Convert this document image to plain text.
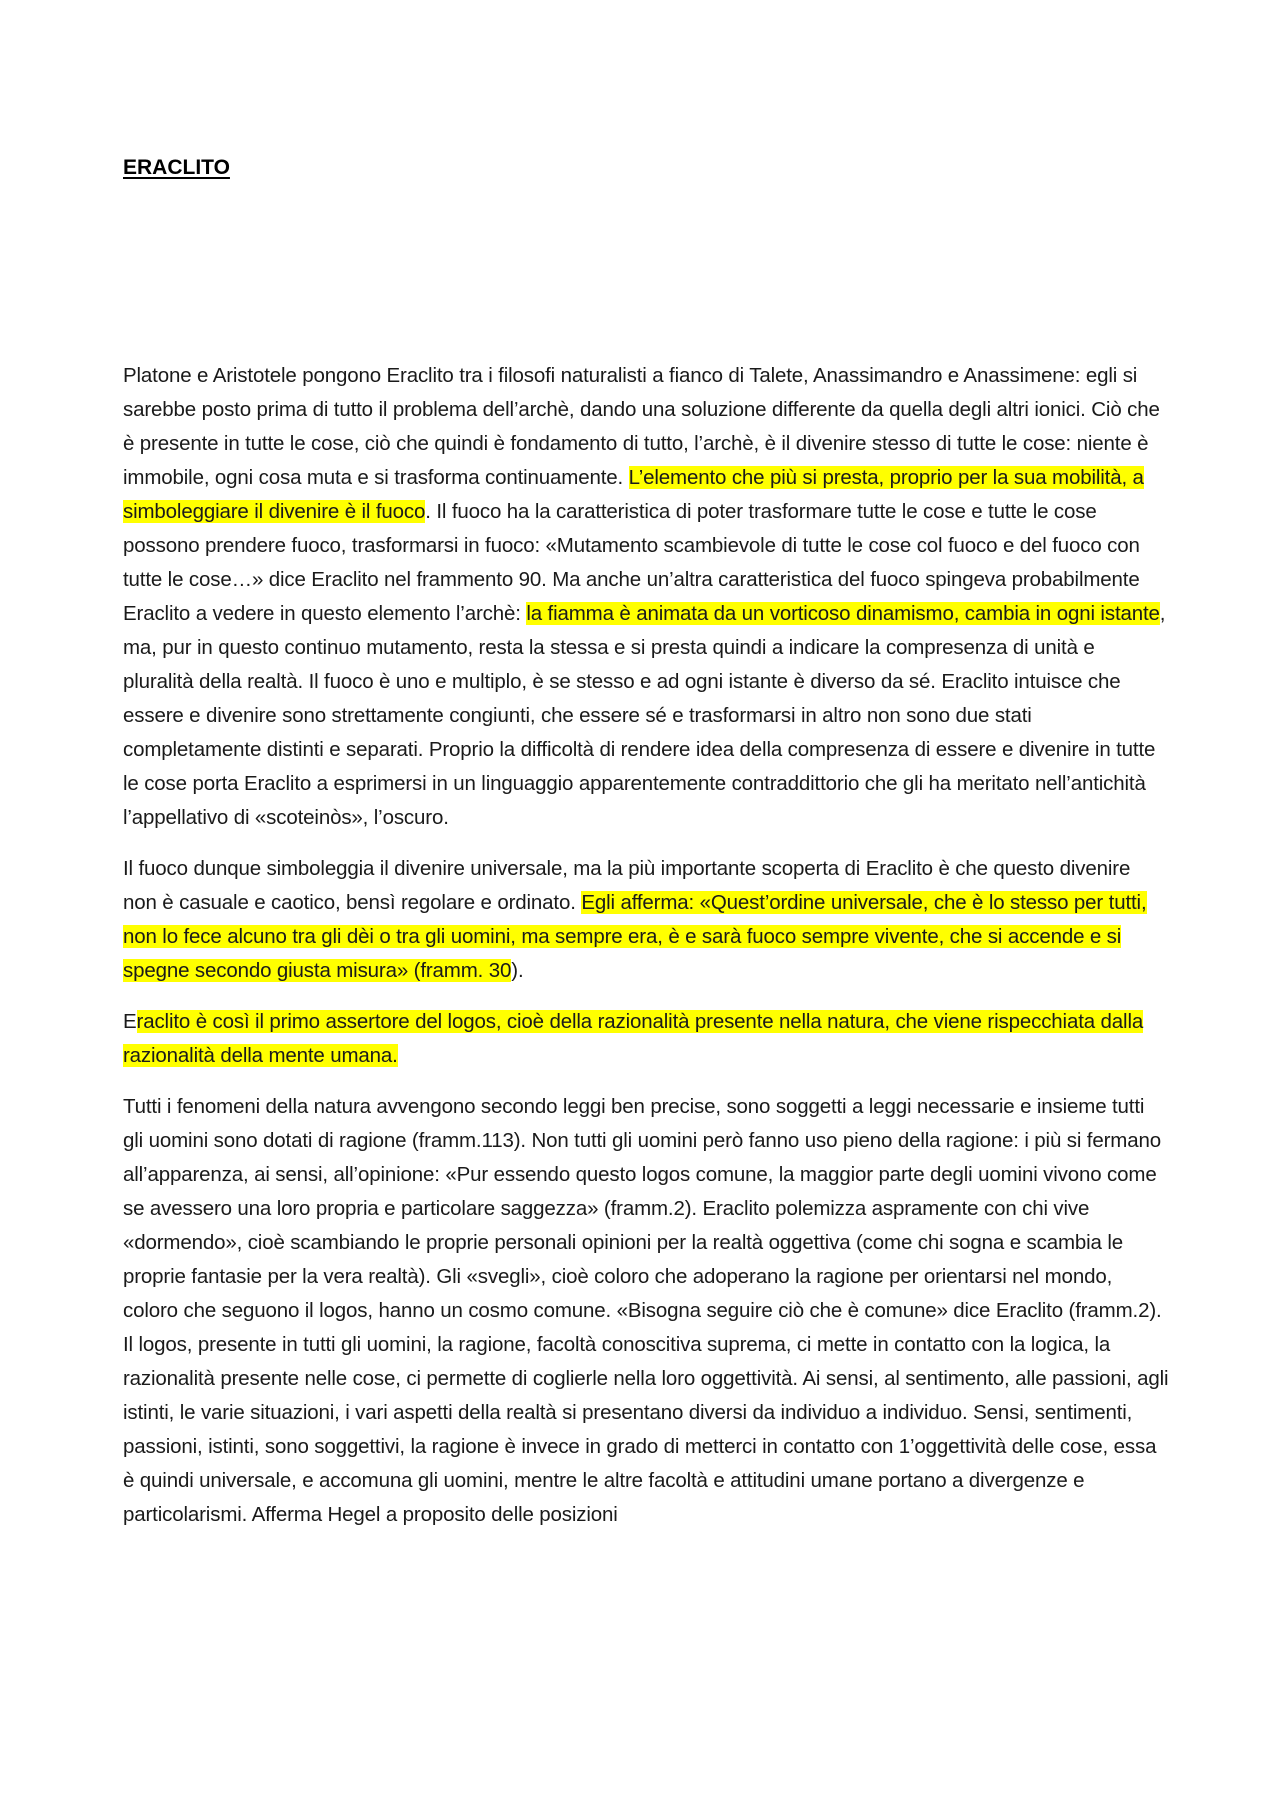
ERACLITO

Platone e Aristotele pongono Eraclito tra i filosofi naturalisti a fianco di Talete, Anassimandro e Anassimene: egli si sarebbe posto prima di tutto il problema dell’archè, dando una soluzione differente da quella degli altri ionici. Ciò che è presente in tutte le cose, ciò che quindi è fondamento di tutto, l’archè, è il divenire stesso di tutte le cose: niente è immobile, ogni cosa muta e si trasforma continuamente. L’elemento che più si presta, proprio per la sua mobilità, a simboleggiare il divenire è il fuoco. Il fuoco ha la caratteristica di poter trasformare tutte le cose e tutte le cose possono prendere fuoco, trasformarsi in fuoco: «Mutamento scambievole di tutte le cose col fuoco e del fuoco con tutte le cose…» dice Eraclito nel frammento 90. Ma anche un’altra caratteristica del fuoco spingeva probabilmente Eraclito a vedere in questo elemento l’archè: la fiamma è animata da un vorticoso dinamismo, cambia in ogni istante, ma, pur in questo continuo mutamento, resta la stessa e si presta quindi a indicare la compresenza di unità e pluralità della realtà. Il fuoco è uno e multiplo, è se stesso e ad ogni istante è diverso da sé. Eraclito intuisce che essere e divenire sono strettamente congiunti, che essere sé e trasformarsi in altro non sono due stati completamente distinti e separati. Proprio la difficoltà di rendere idea della compresenza di essere e divenire in tutte le cose porta Eraclito a esprimersi in un linguaggio apparentemente contraddittorio che gli ha meritato nell’antichità l’appellativo di «scoteinòs», l’oscuro.

Il fuoco dunque simboleggia il divenire universale, ma la più importante scoperta di Eraclito è che questo divenire non è casuale e caotico, bensì regolare e ordinato. Egli afferma: «Quest’ordine universale, che è lo stesso per tutti, non lo fece alcuno tra gli dèi o tra gli uomini, ma sempre era, è e sarà fuoco sempre vivente, che si accende e si spegne secondo giusta misura» (framm. 30).

Eraclito è così il primo assertore del logos, cioè della razionalità presente nella natura, che viene rispecchiata dalla razionalità della mente umana.

Tutti i fenomeni della natura avvengono secondo leggi ben precise, sono soggetti a leggi necessarie e insieme tutti gli uomini sono dotati di ragione (framm.113). Non tutti gli uomini però fanno uso pieno della ragione: i più si fermano all’apparenza, ai sensi, all’opinione: «Pur essendo questo logos comune, la maggior parte degli uomini vivono come se avessero una loro propria e particolare saggezza» (framm.2). Eraclito polemizza aspramente con chi vive «dormendo», cioè scambiando le proprie personali opinioni per la realtà oggettiva (come chi sogna e scambia le proprie fantasie per la vera realtà). Gli «svegli», cioè coloro che adoperano la ragione per orientarsi nel mondo, coloro che seguono il logos, hanno un cosmo comune. «Bisogna seguire ciò che è comune» dice Eraclito (framm.2). Il logos, presente in tutti gli uomini, la ragione, facoltà conoscitiva suprema, ci mette in contatto con la logica, la razionalità presente nelle cose, ci permette di coglierle nella loro oggettività. Ai sensi, al sentimento, alle passioni, agli istinti, le varie situazioni, i vari aspetti della realtà si presentano diversi da individuo a individuo. Sensi, sentimenti, passioni, istinti, sono soggettivi, la ragione è invece in grado di metterci in contatto con 1’oggettività delle cose, essa è quindi universale, e accomuna gli uomini, mentre le altre facoltà e attitudini umane portano a divergenze e particolarismi. Afferma Hegel a proposito delle posizioni
